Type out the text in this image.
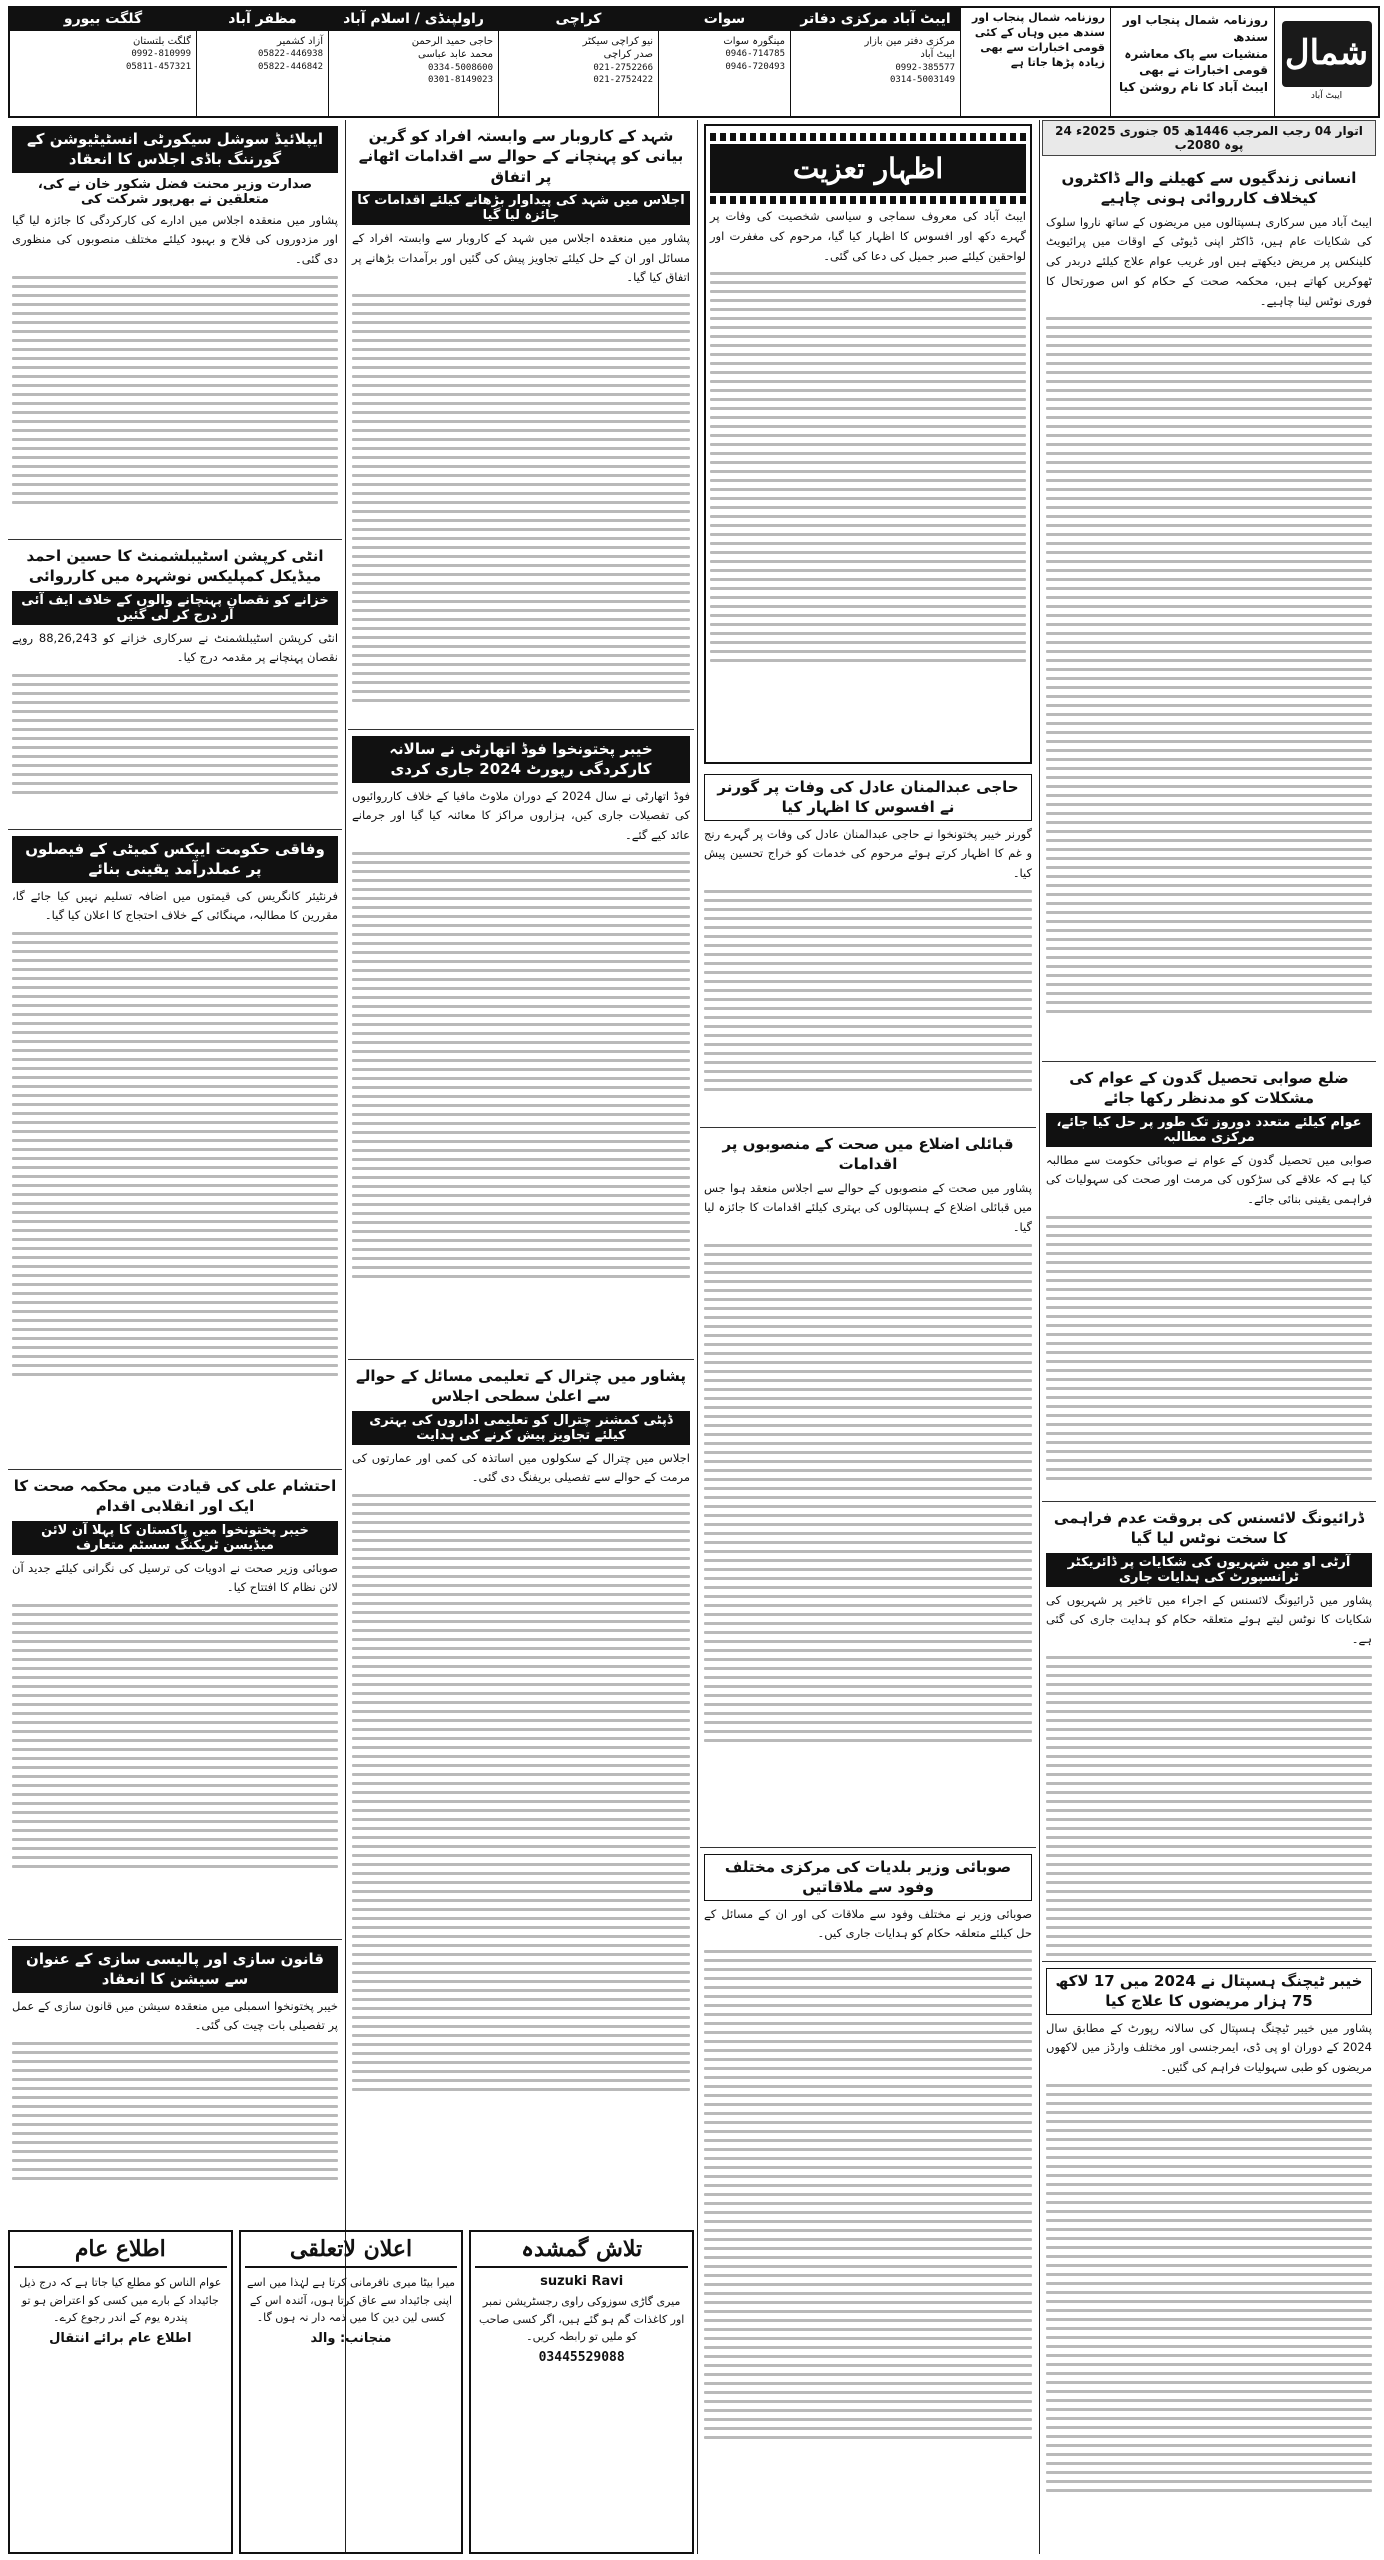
شمال
ایبٹ آباد
روزنامہ شمال پنجاب اور سندھ
منشیات سے پاک معاشرہ
قومی اخبارات نے بھی
ایبٹ آباد کا نام روشن کیا
روزنامہ شمال پنجاب اور
سندھ میں وہاں کے کئی
قومی اخبارات سے بھی
زیادہ پڑھا جاتا ہے
ایبٹ آباد مرکزی دفاتر
مرکزی دفتر مین بازار
ایبٹ آباد
0992-385577
0314-5003149
سوات
مینگورہ سوات
0946-714785
0946-720493
کراچی
نیو کراچی سیکٹر
صدر کراچی
021-2752266
021-2752422
راولپنڈی / اسلام آباد
حاجی حمید الرحمن
محمد عابد عباسی
0334-5008600
0301-8149023
مظفر آباد
آزاد کشمیر
05822-446938
05822-446842
گلگت بیورو
گلگت بلتستان
0992-810999
05811-457321
اتوار 04 رجب المرجب 1446ھ 05 جنوری 2025ء 24 پوہ 2080ب
انسانی زندگیوں سے کھیلنے والے ڈاکٹروں کیخلاف کارروائی ہونی چاہیے
ایبٹ آباد میں سرکاری ہسپتالوں میں مریضوں کے ساتھ ناروا سلوک کی شکایات عام ہیں، ڈاکٹر اپنی ڈیوٹی کے اوقات میں پرائیویٹ کلینکس پر مریض دیکھتے ہیں اور غریب عوام علاج کیلئے دربدر کی ٹھوکریں کھاتے ہیں، محکمہ صحت کے حکام کو اس صورتحال کا فوری نوٹس لینا چاہیے۔
ضلع صوابی تحصیل گدون کے عوام کی مشکلات کو مدنظر رکھا جائے
عوام کیلئے متعدد دوروز تک طور پر حل کیا جائے، مرکزی مطالبہ
صوابی میں تحصیل گدون کے عوام نے صوبائی حکومت سے مطالبہ کیا ہے کہ علاقے کی سڑکوں کی مرمت اور صحت کی سہولیات کی فراہمی یقینی بنائی جائے۔
ڈرائیونگ لائسنس کی بروقت عدم فراہمی کا سخت نوٹس لیا گیا
آرٹی او میں شہریوں کی شکایات پر ڈائریکٹر ٹرانسپورٹ کی ہدایات جاری
پشاور میں ڈرائیونگ لائسنس کے اجراء میں تاخیر پر شہریوں کی شکایات کا نوٹس لیتے ہوئے متعلقہ حکام کو ہدایت جاری کی گئی ہے۔
خیبر ٹیچنگ ہسپتال نے 2024 میں 17 لاکھ 75 ہزار مریضوں کا علاج کیا
پشاور میں خیبر ٹیچنگ ہسپتال کی سالانہ رپورٹ کے مطابق سال 2024 کے دوران او پی ڈی، ایمرجنسی اور مختلف وارڈز میں لاکھوں مریضوں کو طبی سہولیات فراہم کی گئیں۔
اظہار تعزیت
ایبٹ آباد کی معروف سماجی و سیاسی شخصیت کی وفات پر گہرے دکھ اور افسوس کا اظہار کیا گیا، مرحوم کی مغفرت اور لواحقین کیلئے صبر جمیل کی دعا کی گئی۔
حاجی عبدالمنان عادل کی وفات پر گورنر نے افسوس کا اظہار کیا
گورنر خیبر پختونخوا نے حاجی عبدالمنان عادل کی وفات پر گہرے رنج و غم کا اظہار کرتے ہوئے مرحوم کی خدمات کو خراج تحسین پیش کیا۔
قبائلی اضلاع میں صحت کے منصوبوں پر اقدامات
پشاور میں صحت کے منصوبوں کے حوالے سے اجلاس منعقد ہوا جس میں قبائلی اضلاع کے ہسپتالوں کی بہتری کیلئے اقدامات کا جائزہ لیا گیا۔
صوبائی وزیر بلدیات کی مرکزی مختلف وفود سے ملاقاتیں
صوبائی وزیر نے مختلف وفود سے ملاقات کی اور ان کے مسائل کے حل کیلئے متعلقہ حکام کو ہدایات جاری کیں۔
شہد کے کاروبار سے وابستہ افراد کو گرین بیانی کو پہنچانے کے حوالے سے اقدامات اٹھانے پر اتفاق
اجلاس میں شہد کی پیداوار بڑھانے کیلئے اقدامات کا جائزہ لیا گیا
پشاور میں منعقدہ اجلاس میں شہد کے کاروبار سے وابستہ افراد کے مسائل اور ان کے حل کیلئے تجاویز پیش کی گئیں اور برآمدات بڑھانے پر اتفاق کیا گیا۔
خیبر پختونخوا فوڈ اتھارٹی نے سالانہ کارکردگی رپورٹ 2024 جاری کردی
فوڈ اتھارٹی نے سال 2024 کے دوران ملاوٹ مافیا کے خلاف کارروائیوں کی تفصیلات جاری کیں، ہزاروں مراکز کا معائنہ کیا گیا اور جرمانے عائد کیے گئے۔
پشاور میں چترال کے تعلیمی مسائل کے حوالے سے اعلیٰ سطحی اجلاس
ڈپٹی کمشنر چترال کو تعلیمی اداروں کی بہتری کیلئے تجاویز پیش کرنے کی ہدایت
اجلاس میں چترال کے سکولوں میں اساتذہ کی کمی اور عمارتوں کی مرمت کے حوالے سے تفصیلی بریفنگ دی گئی۔
ایپلائیڈ سوشل سیکورٹی انسٹیٹیوشن کے گورننگ باڈی اجلاس کا انعقاد
صدارت وزیر محنت فضل شکور خان نے کی، متعلقین نے بھرپور شرکت کی
پشاور میں منعقدہ اجلاس میں ادارے کی کارکردگی کا جائزہ لیا گیا اور مزدوروں کی فلاح و بہبود کیلئے مختلف منصوبوں کی منظوری دی گئی۔
انٹی کرپشن اسٹیبلشمنٹ کا حسین احمد میڈیکل کمپلیکس نوشہرہ میں کارروائی
خزانے کو نقصان پہنچانے والوں کے خلاف ایف آئی آر درج کر لی گئیں
انٹی کرپشن اسٹیبلشمنٹ نے سرکاری خزانے کو 88,26,243 روپے نقصان پہنچانے پر مقدمہ درج کیا۔
وفاقی حکومت ایپکس کمیٹی کے فیصلوں پر عملدرآمد یقینی بنائے
فرنٹیئر کانگریس کی قیمتوں میں اضافہ تسلیم نہیں کیا جائے گا، مقررین کا مطالبہ، مہنگائی کے خلاف احتجاج کا اعلان کیا گیا۔
احتشام علی کی قیادت میں محکمہ صحت کا ایک اور انقلابی اقدام
خیبر پختونخوا میں پاکستان کا پہلا آن لائن میڈیسن ٹریکنگ سسٹم متعارف
صوبائی وزیر صحت نے ادویات کی ترسیل کی نگرانی کیلئے جدید آن لائن نظام کا افتتاح کیا۔
قانون سازی اور پالیسی سازی کے عنوان سے سیشن کا انعقاد
خیبر پختونخوا اسمبلی میں منعقدہ سیشن میں قانون سازی کے عمل پر تفصیلی بات چیت کی گئی۔
تلاش گمشدہ
suzuki Ravi
میری گاڑی سوزوکی راوی رجسٹریشن نمبر اور کاغذات گم ہو گئے ہیں، اگر کسی صاحب کو ملیں تو رابطہ کریں۔
03445529088
اعلان لاتعلقی
میرا بیٹا میری نافرمانی کرتا ہے لہٰذا میں اسے اپنی جائیداد سے عاق کرتا ہوں، آئندہ اس کے کسی لین دین کا میں ذمہ دار نہ ہوں گا۔
منجانب: والد
اطلاع عام
عوام الناس کو مطلع کیا جاتا ہے کہ درج ذیل جائیداد کے بارے میں کسی کو اعتراض ہو تو پندرہ یوم کے اندر رجوع کرے۔
اطلاع عام برائے انتقال
